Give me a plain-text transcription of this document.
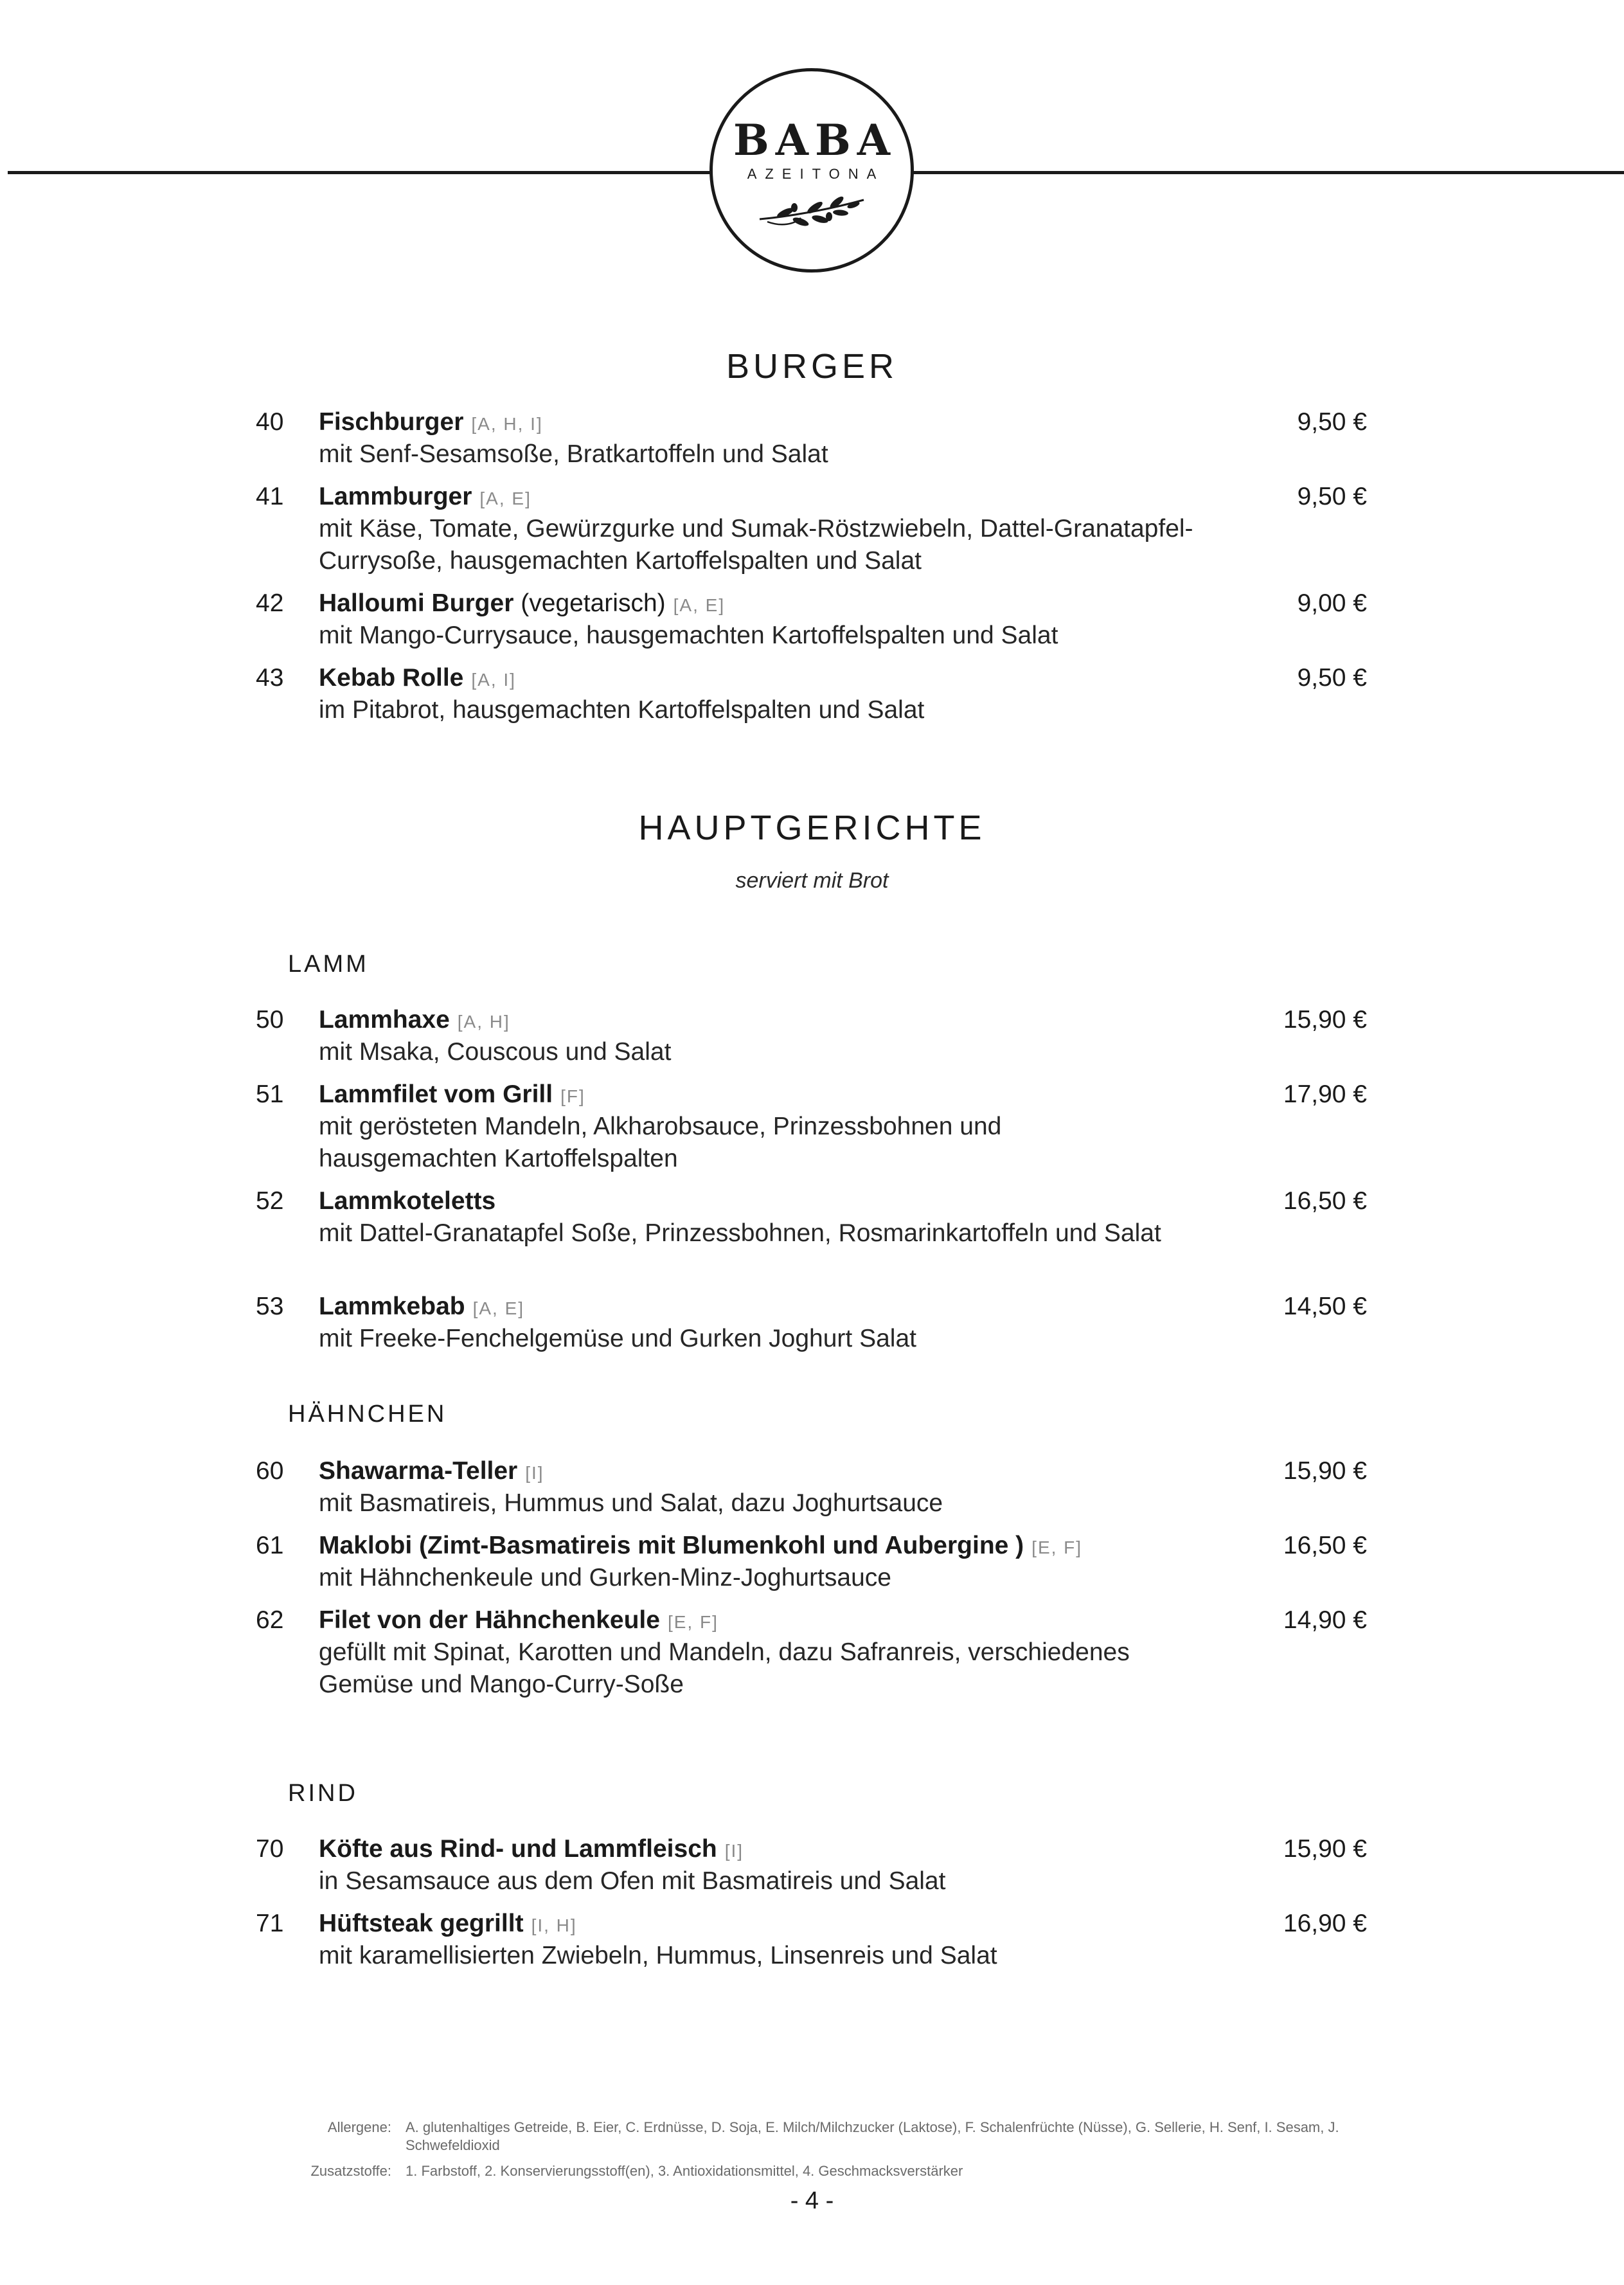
BABA
AZEITONA
BURGER
40 Fischburger [A, H, I]
mit Senf-Sesamsoße, Bratkartoffeln und Salat
9,50 €
41 Lammburger [A, E]
mit Käse, Tomate, Gewürzgurke und Sumak-Röstzwiebeln, Dattel-Granatapfel-Currysoße, hausgemachten Kartoffelspalten und Salat
9,50 €
42 Halloumi Burger (vegetarisch) [A, E]
mit Mango-Currysauce, hausgemachten Kartoffelspalten und Salat
9,00 €
43 Kebab Rolle [A, I]
im Pitabrot, hausgemachten Kartoffelspalten und Salat
9,50 €
HAUPTGERICHTE
serviert mit Brot
LAMM
50 Lammhaxe [A, H]
mit Msaka, Couscous und Salat
15,90 €
51 Lammfilet vom Grill [F]
mit gerösteten Mandeln, Alkharobsauce, Prinzessbohnen und hausgemachten Kartoffelspalten
17,90 €
52 Lammkoteletts
mit Dattel-Granatapfel Soße, Prinzessbohnen, Rosmarinkartoffeln und Salat
16,50 €
53 Lammkebab [A, E]
mit Freeke-Fenchelgemüse und Gurken Joghurt Salat
14,50 €
HÄHNCHEN
60 Shawarma-Teller [I]
mit Basmatireis, Hummus und Salat, dazu Joghurtsauce
15,90 €
61 Maklobi (Zimt-Basmatireis mit Blumenkohl und Aubergine ) [E, F]
mit Hähnchenkeule und Gurken-Minz-Joghurtsauce
16,50 €
62 Filet von der Hähnchenkeule [E, F]
gefüllt mit Spinat, Karotten und Mandeln, dazu Safranreis, verschiedenes Gemüse und Mango-Curry-Soße
14,90 €
RIND
70 Köfte aus Rind- und Lammfleisch [I]
in Sesamsauce aus dem Ofen mit Basmatireis und Salat
15,90 €
71 Hüftsteak gegrillt [I, H]
mit karamellisierten Zwiebeln, Hummus, Linsenreis und Salat
16,90 €
Allergene: A. glutenhaltiges Getreide, B. Eier, C. Erdnüsse, D. Soja, E. Milch/Milchzucker (Laktose), F. Schalenfrüchte (Nüsse), G. Sellerie, H. Senf, I. Sesam, J. Schwefeldioxid
Zusatzstoffe: 1. Farbstoff, 2. Konservierungsstoff(en), 3. Antioxidationsmittel, 4. Geschmacksverstärker
- 4 -
